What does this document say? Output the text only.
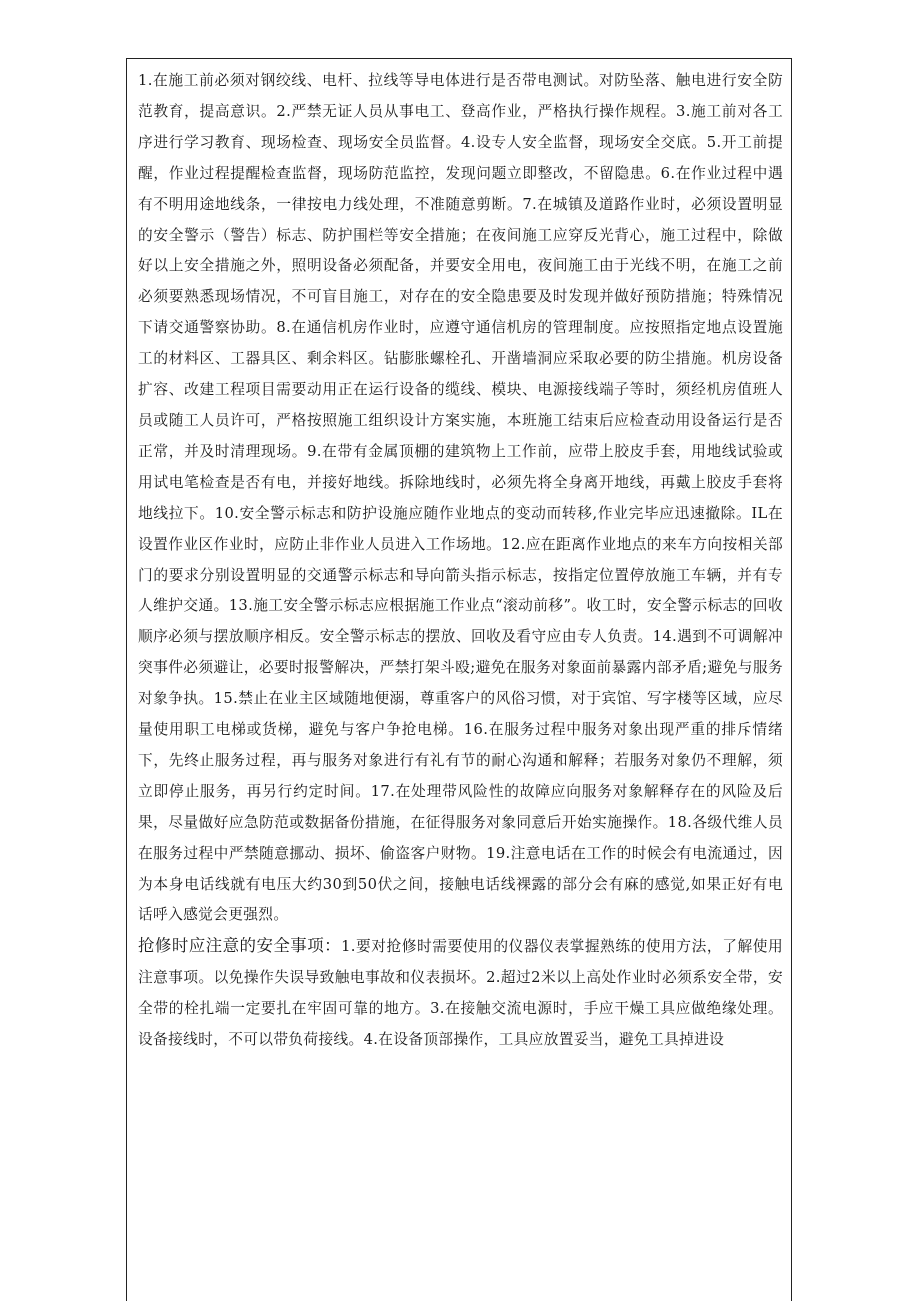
1.在施工前必须对钢绞线、电杆、拉线等导电体进行是否带电测试。对防坠落、触电进行安全防范教育，提高意识。2.严禁无证人员从事电工、登高作业，严格执行操作规程。3.施工前对各工序进行学习教育、现场检查、现场安全员监督。4.设专人安全监督，现场安全交底。5.开工前提醒，作业过程提醒检查监督，现场防范监控，发现问题立即整改，不留隐患。6.在作业过程中遇有不明用途地线条，一律按电力线处理，不准随意剪断。7.在城镇及道路作业时，必须设置明显的安全警示（警告）标志、防护围栏等安全措施；在夜间施工应穿反光背心，施工过程中，除做好以上安全措施之外，照明设备必须配备，并要安全用电，夜间施工由于光线不明，在施工之前必须要熟悉现场情况，不可盲目施工，对存在的安全隐患要及时发现并做好预防措施；特殊情况下请交通警察协助。8.在通信机房作业时，应遵守通信机房的管理制度。应按照指定地点设置施工的材料区、工器具区、剩余料区。钻膨胀螺栓孔、开凿墙洞应采取必要的防尘措施。机房设备扩容、改建工程项目需要动用正在运行设备的缆线、模块、电源接线端子等时，须经机房值班人员或随工人员许可，严格按照施工组织设计方案实施，本班施工结束后应检查动用设备运行是否正常，并及时清理现场。9.在带有金属顶棚的建筑物上工作前，应带上胶皮手套，用地线试验或用试电笔检查是否有电，并接好地线。拆除地线时，必须先将全身离开地线，再戴上胶皮手套将地线拉下。10.安全警示标志和防护设施应随作业地点的变动而转移,作业完毕应迅速撤除。IL在设置作业区作业时，应防止非作业人员进入工作场地。12.应在距离作业地点的来车方向按相关部门的要求分别设置明显的交通警示标志和导向箭头指示标志，按指定位置停放施工车辆，并有专人维护交通。13.施工安全警示标志应根据施工作业点“滚动前移”。收工时，安全警示标志的回收顺序必须与摆放顺序相反。安全警示标志的摆放、回收及看守应由专人负责。14.遇到不可调解冲突事件必须避让，必要时报警解决，严禁打架斗殴;避免在服务对象面前暴露内部矛盾;避免与服务对象争执。15.禁止在业主区域随地便溺，尊重客户的风俗习惯，对于宾馆、写字楼等区域，应尽量使用职工电梯或货梯，避免与客户争抢电梯。16.在服务过程中服务对象出现严重的排斥情绪下，先终止服务过程，再与服务对象进行有礼有节的耐心沟通和解释；若服务对象仍不理解，须立即停止服务，再另行约定时间。17.在处理带风险性的故障应向服务对象解释存在的风险及后果，尽量做好应急防范或数据备份措施，在征得服务对象同意后开始实施操作。18.各级代维人员在服务过程中严禁随意挪动、损坏、偷盗客户财物。19.注意电话在工作的时候会有电流通过，因为本身电话线就有电压大约30到50伏之间，接触电话线裸露的部分会有麻的感觉,如果正好有电话呼入感觉会更强烈。
抢修时应注意的安全事项：1.要对抢修时需要使用的仪器仪表掌握熟练的使用方法，了解使用注意事项。以免操作失误导致触电事故和仪表损坏。2.超过2米以上高处作业时必须系安全带，安全带的栓扎端一定要扎在牢固可靠的地方。3.在接触交流电源时，手应干燥工具应做绝缘处理。设备接线时，不可以带负荷接线。4.在设备顶部操作，工具应放置妥当，避免工具掉进设
